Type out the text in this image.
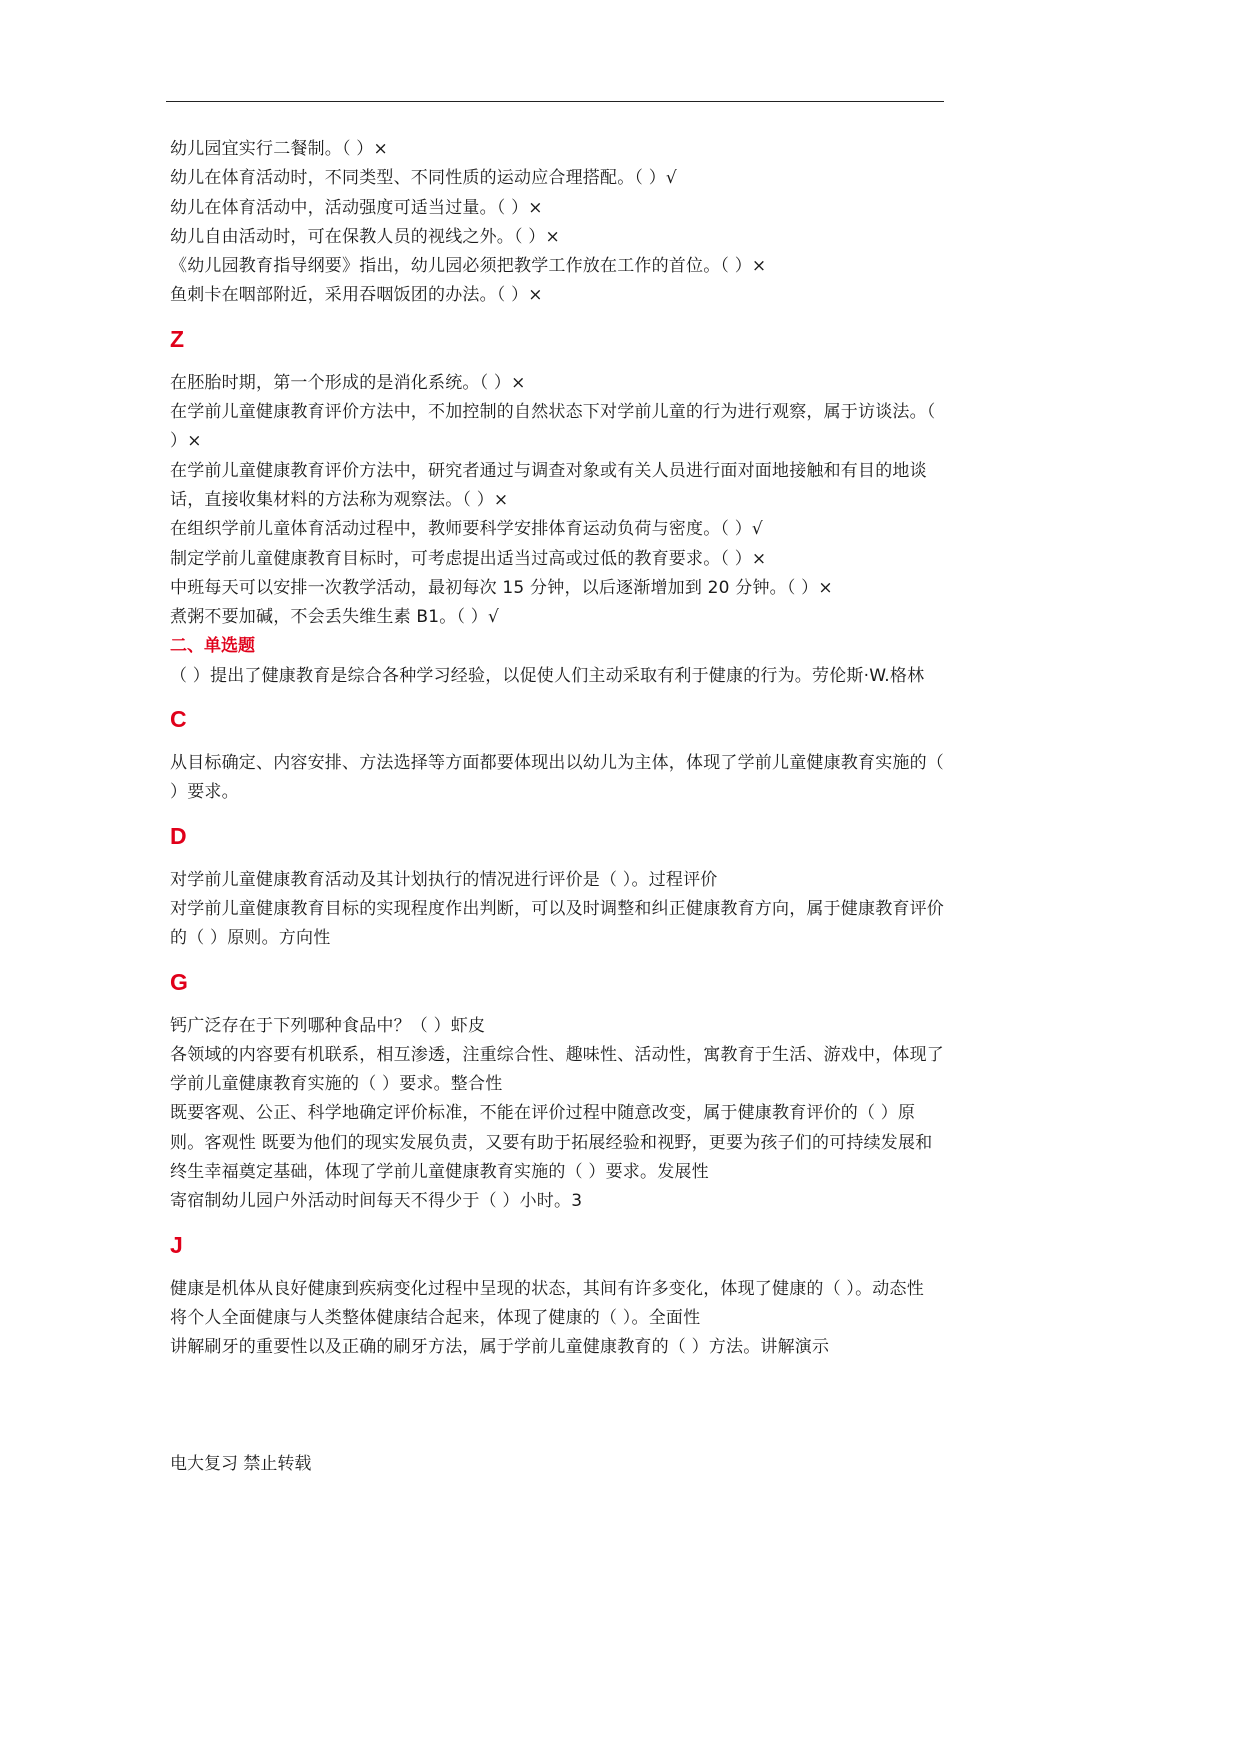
幼儿园宜实行二餐制。（ ）×
幼儿在体育活动时，不同类型、不同性质的运动应合理搭配。（ ）√
幼儿在体育活动中，活动强度可适当过量。（ ）×
幼儿自由活动时，可在保教人员的视线之外。（ ）×
《幼儿园教育指导纲要》指出，幼儿园必须把教学工作放在工作的首位。（ ）×
鱼刺卡在咽部附近，采用吞咽饭团的办法。（ ）×
Z
在胚胎时期，第一个形成的是消化系统。（ ）×
在学前儿童健康教育评价方法中，不加控制的自然状态下对学前儿童的行为进行观察，属于访谈法。（ ）×
在学前儿童健康教育评价方法中，研究者通过与调查对象或有关人员进行面对面地接触和有目的地谈话，直接收集材料的方法称为观察法。（ ）×
在组织学前儿童体育活动过程中，教师要科学安排体育运动负荷与密度。（ ）√
制定学前儿童健康教育目标时，可考虑提出适当过高或过低的教育要求。（ ）×
中班每天可以安排一次教学活动，最初每次 15 分钟，以后逐渐增加到 20 分钟。（ ）×
煮粥不要加碱，不会丢失维生素 B1。（ ）√
二、单选题
（ ）提出了健康教育是综合各种学习经验，以促使人们主动采取有利于健康的行为。劳伦斯·W.格林
C
从目标确定、内容安排、方法选择等方面都要体现出以幼儿为主体，体现了学前儿童健康教育实施的（ ）要求。
D
对学前儿童健康教育活动及其计划执行的情况进行评价是（ ）。过程评价
对学前儿童健康教育目标的实现程度作出判断，可以及时调整和纠正健康教育方向，属于健康教育评价的（ ）原则。方向性
G
钙广泛存在于下列哪种食品中？（ ）虾皮
各领域的内容要有机联系，相互渗透，注重综合性、趣味性、活动性，寓教育于生活、游戏中，体现了学前儿童健康教育实施的（ ）要求。整合性
既要客观、公正、科学地确定评价标准，不能在评价过程中随意改变，属于健康教育评价的（ ）原则。客观性 既要为他们的现实发展负责，又要有助于拓展经验和视野，更要为孩子们的可持续发展和终生幸福奠定基础，体现了学前儿童健康教育实施的（ ）要求。发展性
寄宿制幼儿园户外活动时间每天不得少于（ ）小时。3
J
健康是机体从良好健康到疾病变化过程中呈现的状态，其间有许多变化，体现了健康的（ ）。动态性
将个人全面健康与人类整体健康结合起来，体现了健康的（ ）。全面性
讲解刷牙的重要性以及正确的刷牙方法，属于学前儿童健康教育的（ ）方法。讲解演示
电大复习 禁止转载
